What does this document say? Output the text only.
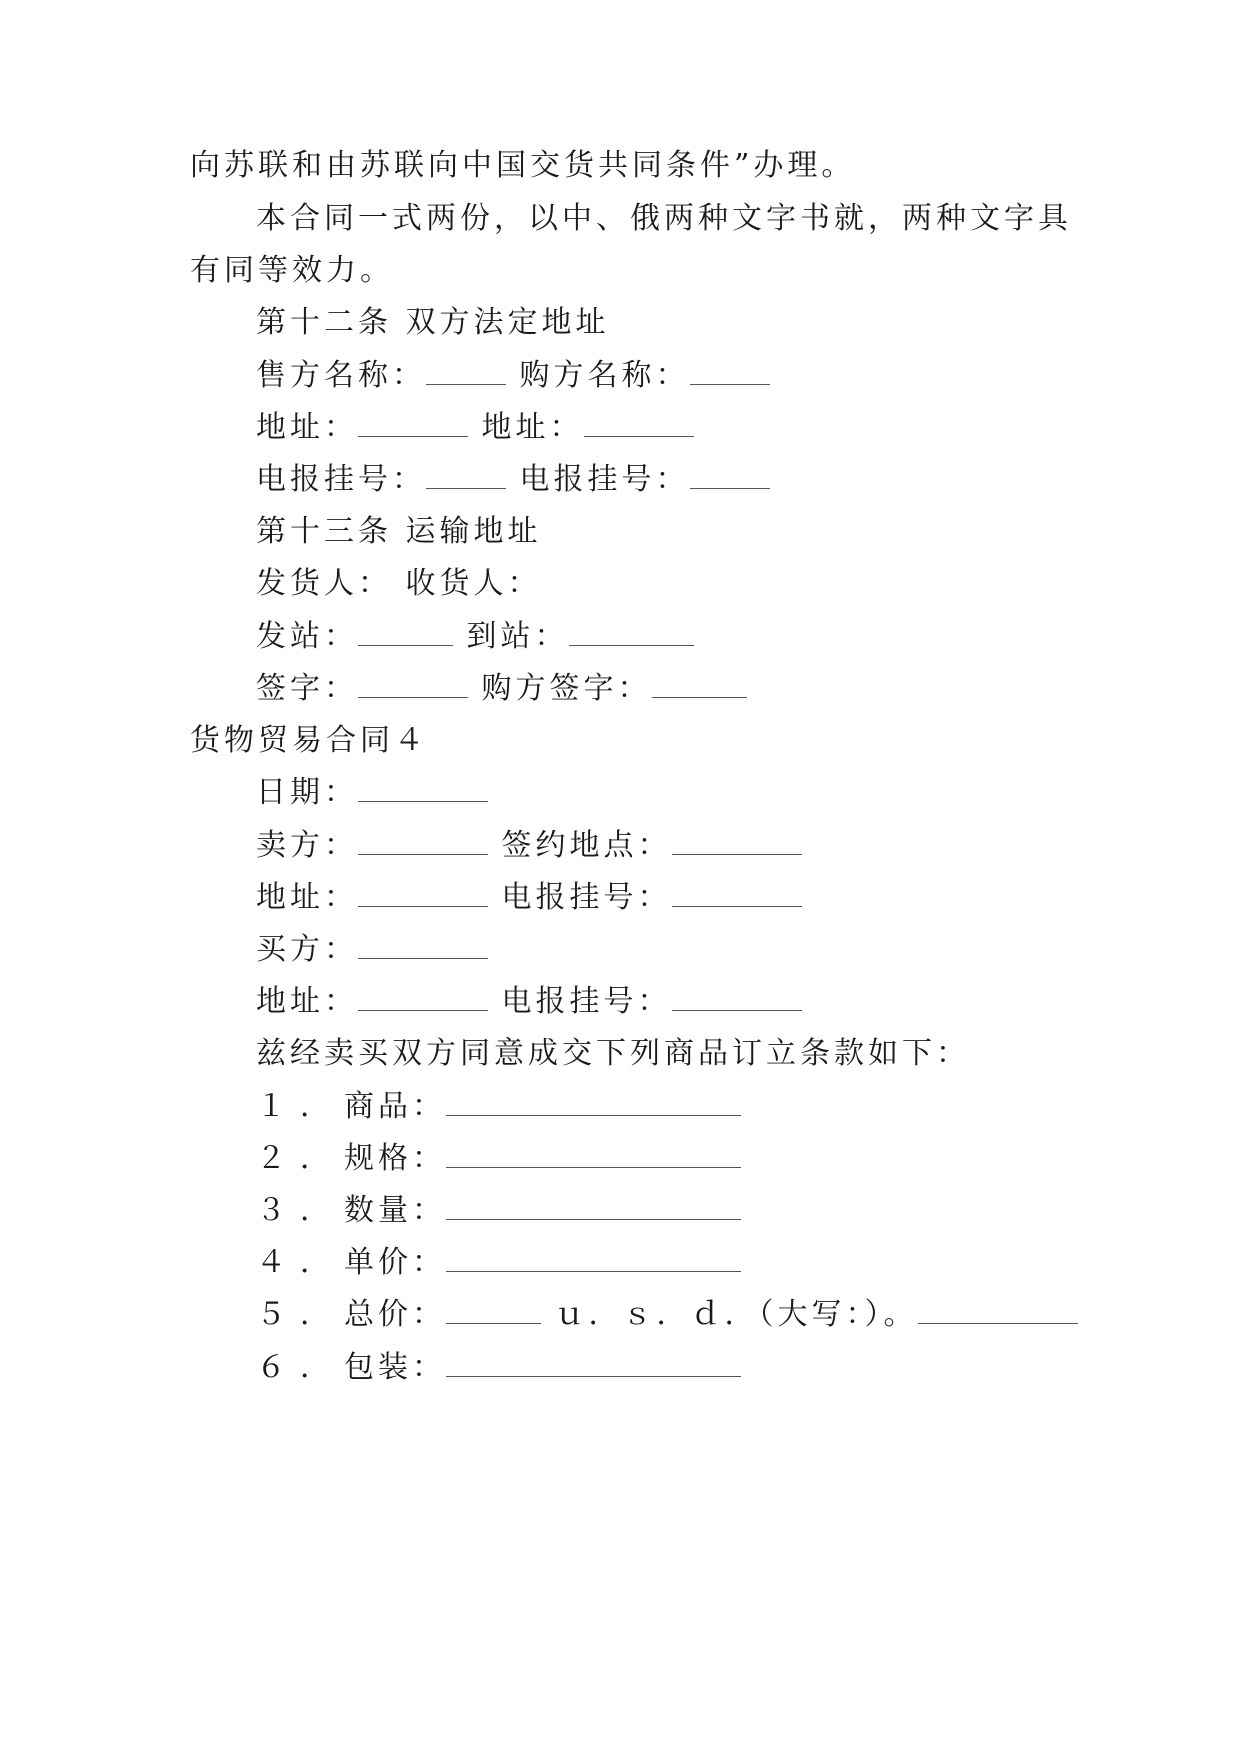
向苏联和由苏联向中国交货共同条件”办理。
本合同一式两份，以中、俄两种文字书就，两种文字具
有同等效力。
第十二条 双方法定地址
售方名称：	购方名称：
地址：	地址：
电报挂号：	电报挂号：
第十三条 运输地址
发货人： 收货人：
发站：	到站：
签字：	购方签字：
货物贸易合同４
日期：
卖方：	签约地点：
地址：	电报挂号：
买方：
地址：	电报挂号：
兹经卖买双方同意成交下列商品订立条款如下：
１．商品：
２．规格：
３．数量：
４．单价：
５．总价：	ｕ．ｓ．ｄ．（大写：）。
６．包装：
